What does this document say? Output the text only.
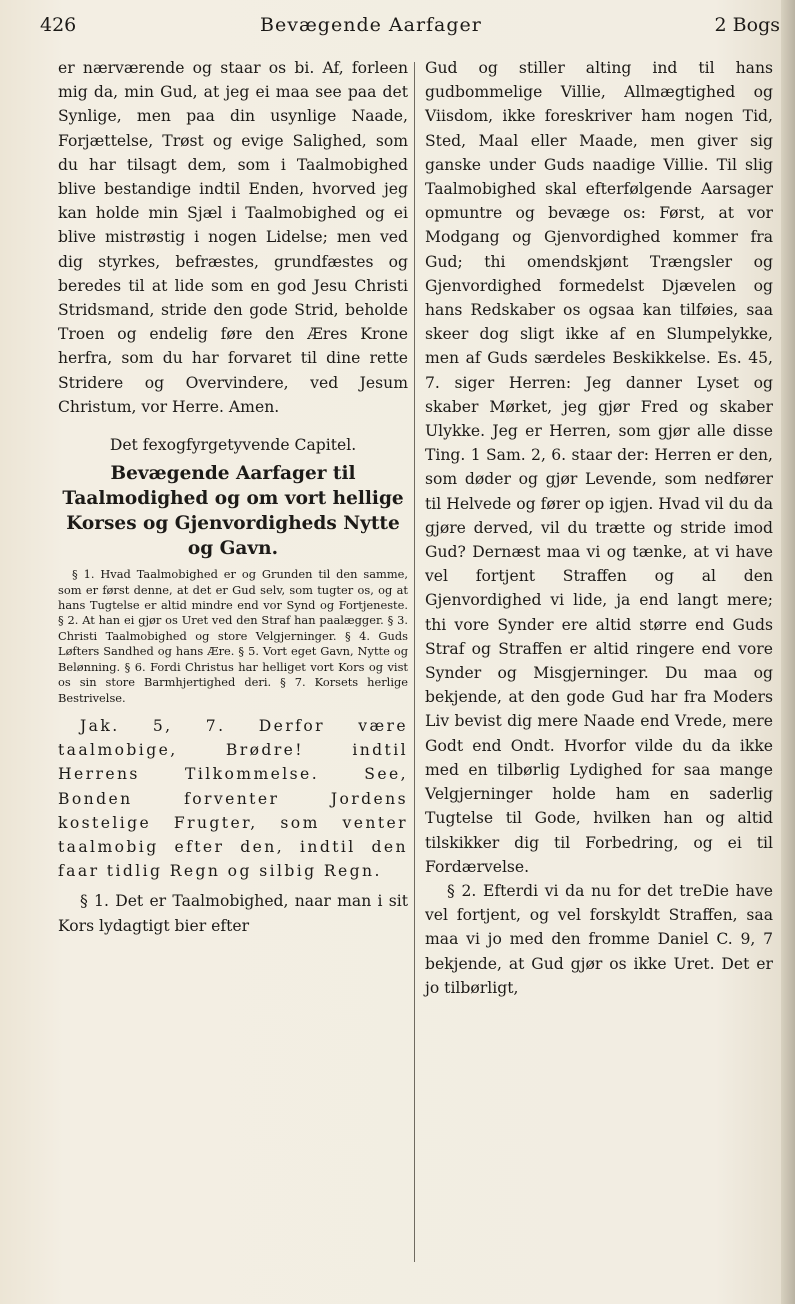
426	Bevægende Aarfager	2 Bogs

er nærværende og staar os bi. Af, forleen mig da, min Gud, at jeg ei maa see paa det Synlige, men paa din usynlige Naade, Forjættelse, Trøst og evige Salighed, som du har tilsagt dem, som i Taalmobighed blive bestandige indtil Enden, hvorved jeg kan holde min Sjæl i Taalmobighed og ei blive mistrøstig i nogen Lidelse; men ved dig styrkes, befræstes, grundfæstes og beredes til at lide som en god Jesu Christi Stridsmand, stride den gode Strid, beholde Troen og endelig føre den Æres Krone herfra, som du har forvaret til dine rette Stridere og Overvindere, ved Jesum Christum, vor Herre. Amen.

Det fexogfyrgetyvende Capitel.

Bevægende Aarfager til Taalmodighed og om vort hellige Korses og Gjenvordigheds Nytte og Gavn.

§ 1. Hvad Taalmobighed er og Grunden til den samme, som er først denne, at det er Gud selv, som tugter os, og at hans Tugtelse er altid mindre end vor Synd og Fortjeneste. § 2. At han ei gjør os Uret ved den Straf han paalægger. § 3. Christi Taalmobighed og store Velgjerninger. § 4. Guds Løfters Sandhed og hans Ære. § 5. Vort eget Gavn, Nytte og Belønning. § 6. Fordi Christus har helliget vort Kors og vist os sin store Barmhjertighed deri. § 7. Korsets herlige Bestrivelse.

Jak. 5, 7. Derfor være taalmobige, Brødre! indtil Herrens Tilkommelse. See, Bonden forventer Jordens kostelige Frugter, som venter taalmobig efter den, indtil den faar tidlig Regn og silbig Regn.

§ 1. Det er Taalmobighed, naar man i sit Kors lydagtigt bier efter

Gud og stiller alting ind til hans gudbommelige Villie, Allmægtighed og Viisdom, ikke foreskriver ham nogen Tid, Sted, Maal eller Maade, men giver sig ganske under Guds naadige Villie. Til slig Taalmobighed skal efterfølgende Aarsager opmuntre og bevæge os: Først, at vor Modgang og Gjenvordighed kommer fra Gud; thi omendskjønt Trængsler og Gjenvordighed formedelst Djævelen og hans Redskaber os ogsaa kan tilføies, saa skeer dog sligt ikke af en Slumpelykke, men af Guds særdeles Beskikkelse. Es. 45, 7. siger Herren: Jeg danner Lyset og skaber Mørket, jeg gjør Fred og skaber Ulykke. Jeg er Herren, som gjør alle disse Ting. 1 Sam. 2, 6. staar der: Herren er den, som døder og gjør Levende, som nedfører til Helvede og fører op igjen. Hvad vil du da gjøre derved, vil du trætte og stride imod Gud? Dernæst maa vi og tænke, at vi have vel fortjent Straffen og al den Gjenvordighed vi lide, ja end langt mere; thi vore Synder ere altid større end Guds Straf og Straffen er altid ringere end vore Synder og Misgjerninger. Du maa og bekjende, at den gode Gud har fra Moders Liv bevist dig mere Naade end Vrede, mere Godt end Ondt. Hvorfor vilde du da ikke med en tilbørlig Lydighed for saa mange Velgjerninger holde ham en saderlig Tugtelse til Gode, hvilken han og altid tilskikker dig til Forbedring, og ei til Fordærvelse.

§ 2. Efterdi vi da nu for det treDie have vel fortjent, og vel forskyldt Straffen, saa maa vi jo med den fromme Daniel C. 9, 7 bekjende, at Gud gjør os ikke Uret. Det er jo tilbørligt,
